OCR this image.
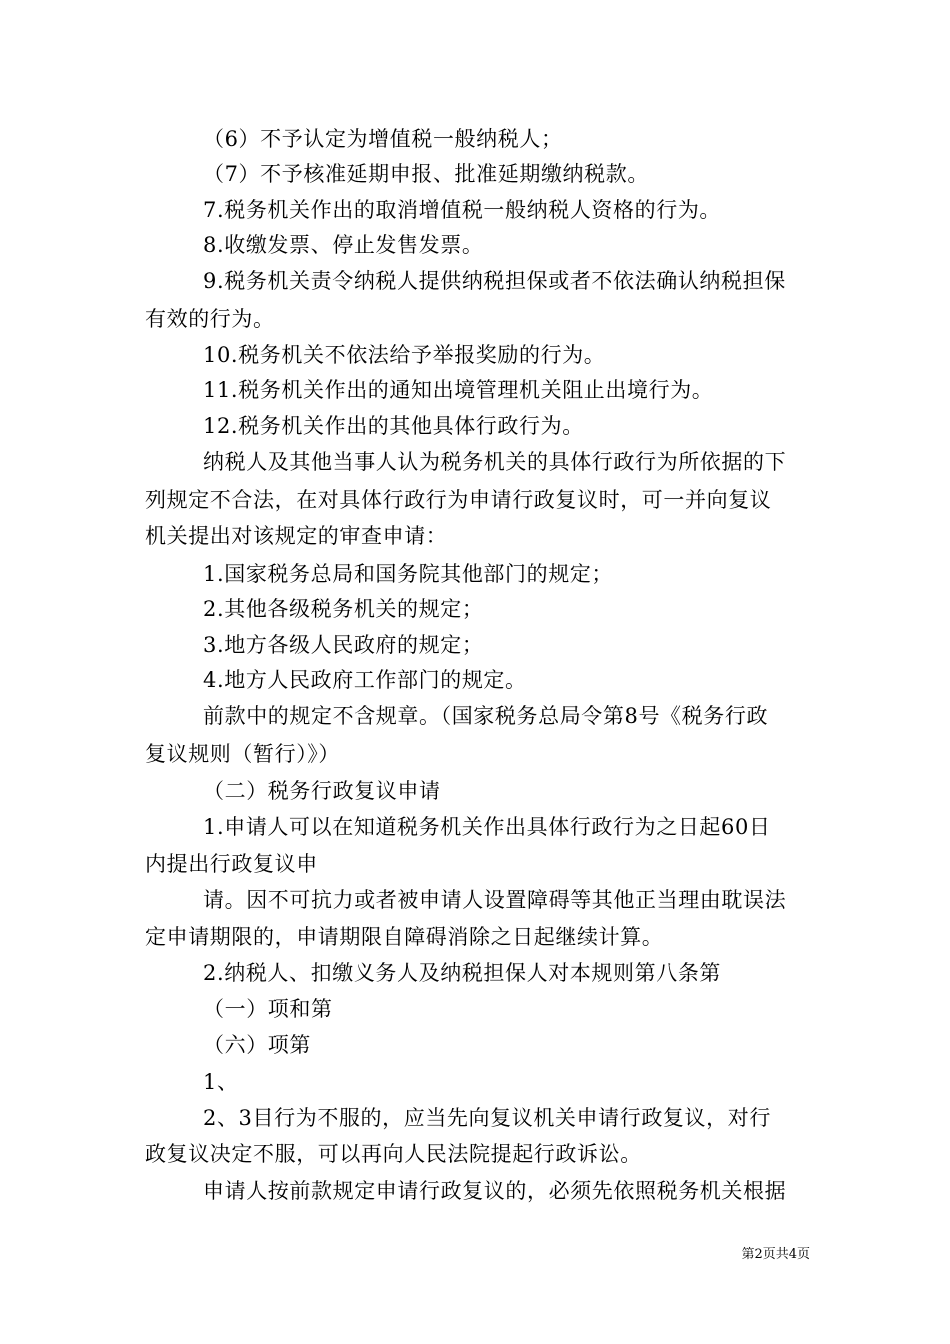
（6）不予认定为增值税一般纳税人；
（7）不予核准延期申报、批准延期缴纳税款。
7.税务机关作出的取消增值税一般纳税人资格的行为。
8.收缴发票、停止发售发票。
9.税务机关责令纳税人提供纳税担保或者不依法确认纳税担保
有效的行为。
10.税务机关不依法给予举报奖励的行为。
11.税务机关作出的通知出境管理机关阻止出境行为。
12.税务机关作出的其他具体行政行为。
纳税人及其他当事人认为税务机关的具体行政行为所依据的下
列规定不合法，在对具体行政行为申请行政复议时，可一并向复议
机关提出对该规定的审查申请：
1.国家税务总局和国务院其他部门的规定；
2.其他各级税务机关的规定；
3.地方各级人民政府的规定；
4.地方人民政府工作部门的规定。
前款中的规定不含规章。（国家税务总局令第8号《税务行政
复议规则（暂行）》）
（二）税务行政复议申请
1.申请人可以在知道税务机关作出具体行政行为之日起60日
内提出行政复议申
请。因不可抗力或者被申请人设置障碍等其他正当理由耽误法
定申请期限的，申请期限自障碍消除之日起继续计算。
2.纳税人、扣缴义务人及纳税担保人对本规则第八条第
（一）项和第
（六）项第
1、
2、3目行为不服的，应当先向复议机关申请行政复议，对行
政复议决定不服，可以再向人民法院提起行政诉讼。
申请人按前款规定申请行政复议的，必须先依照税务机关根据
第2页共4页
